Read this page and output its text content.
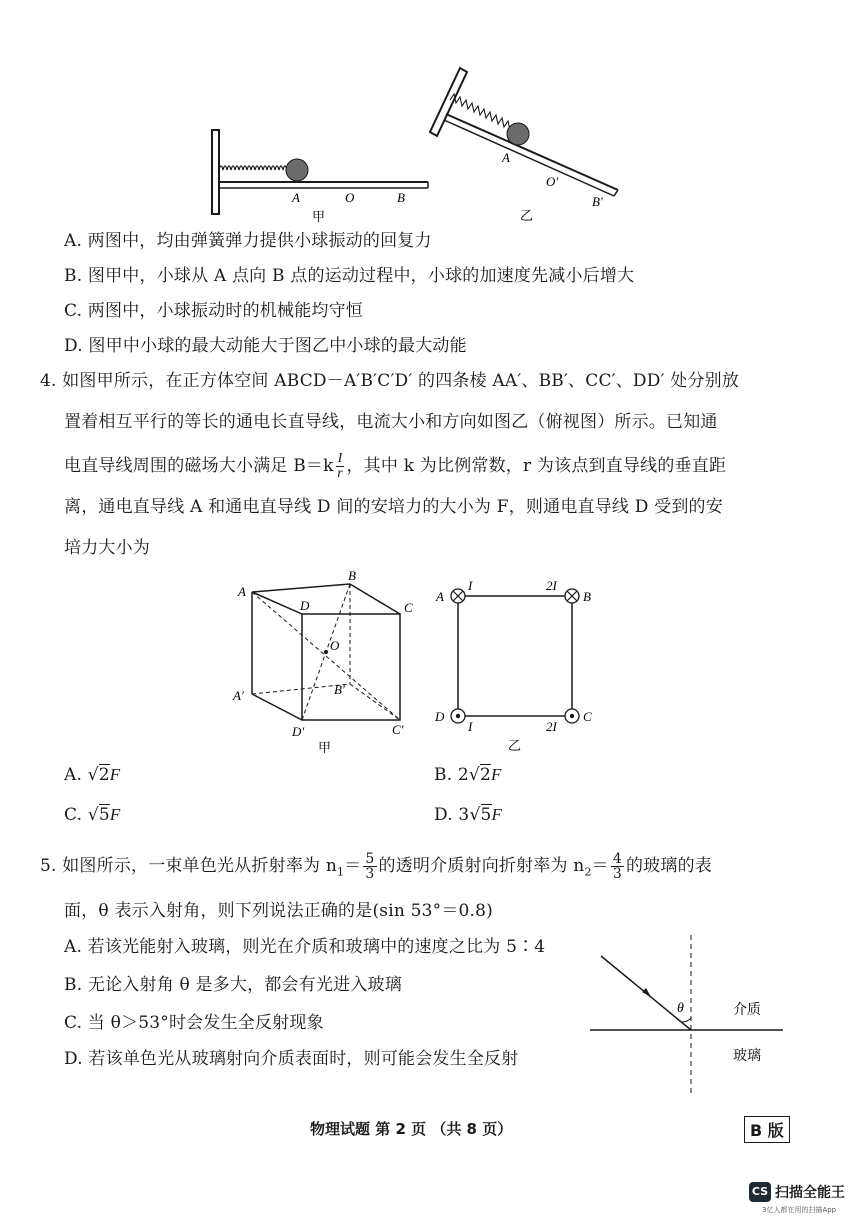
A	O	B
甲
A
O′
B′
乙
A. 两图中，均由弹簧弹力提供小球振动的回复力
B. 图甲中，小球从 A 点向 B 点的运动过程中，小球的加速度先减小后增大
C. 两图中，小球振动时的机械能均守恒
D. 图甲中小球的最大动能大于图乙中小球的最大动能
4. 如图甲所示，在正方体空间 ABCD－A′B′C′D′ 的四条棱 AA′、BB′、CC′、DD′ 处分别放
置着相互平行的等长的通电长直导线，电流大小和方向如图乙（俯视图）所示。已知通
电直导线周围的磁场大小满足 $B=k \frac{I}{r}$ ，其中 k 为比例常数，r 为该点到直导线的垂直距
离，通电直导线 A 和通电直导线 D 间的安培力的大小为 F，则通电直导线 D 受到的安
培力大小为
A
B
C
D
O
A′	B′
C′
D′
甲
A
I	2I
B
D
I	2I
C
乙
A. √2F	B. 2√2F
C. √5F	D. 3√5F
5. 如图所示，一束单色光从折射率为 $n_1= \frac{5}{3}$ 的透明介质射向折射率为 $n_2= \frac{4}{3}$ 的玻璃的表
面，θ 表示入射角，则下列说法正确的是(sin 53°＝0.8)
A. 若该光能射入玻璃，则光在介质和玻璃中的速度之比为 5∶4
B. 无论入射角 θ 是多大，都会有光进入玻璃
C. 当 θ＞53°时会发生全反射现象
D. 若该单色光从玻璃射向介质表面时，则可能会发生全反射
θ	介质
玻璃
物理试题 第 2 页 （共 8 页）	B 版
CS 扫描全能王
3亿人都在用的扫描App
